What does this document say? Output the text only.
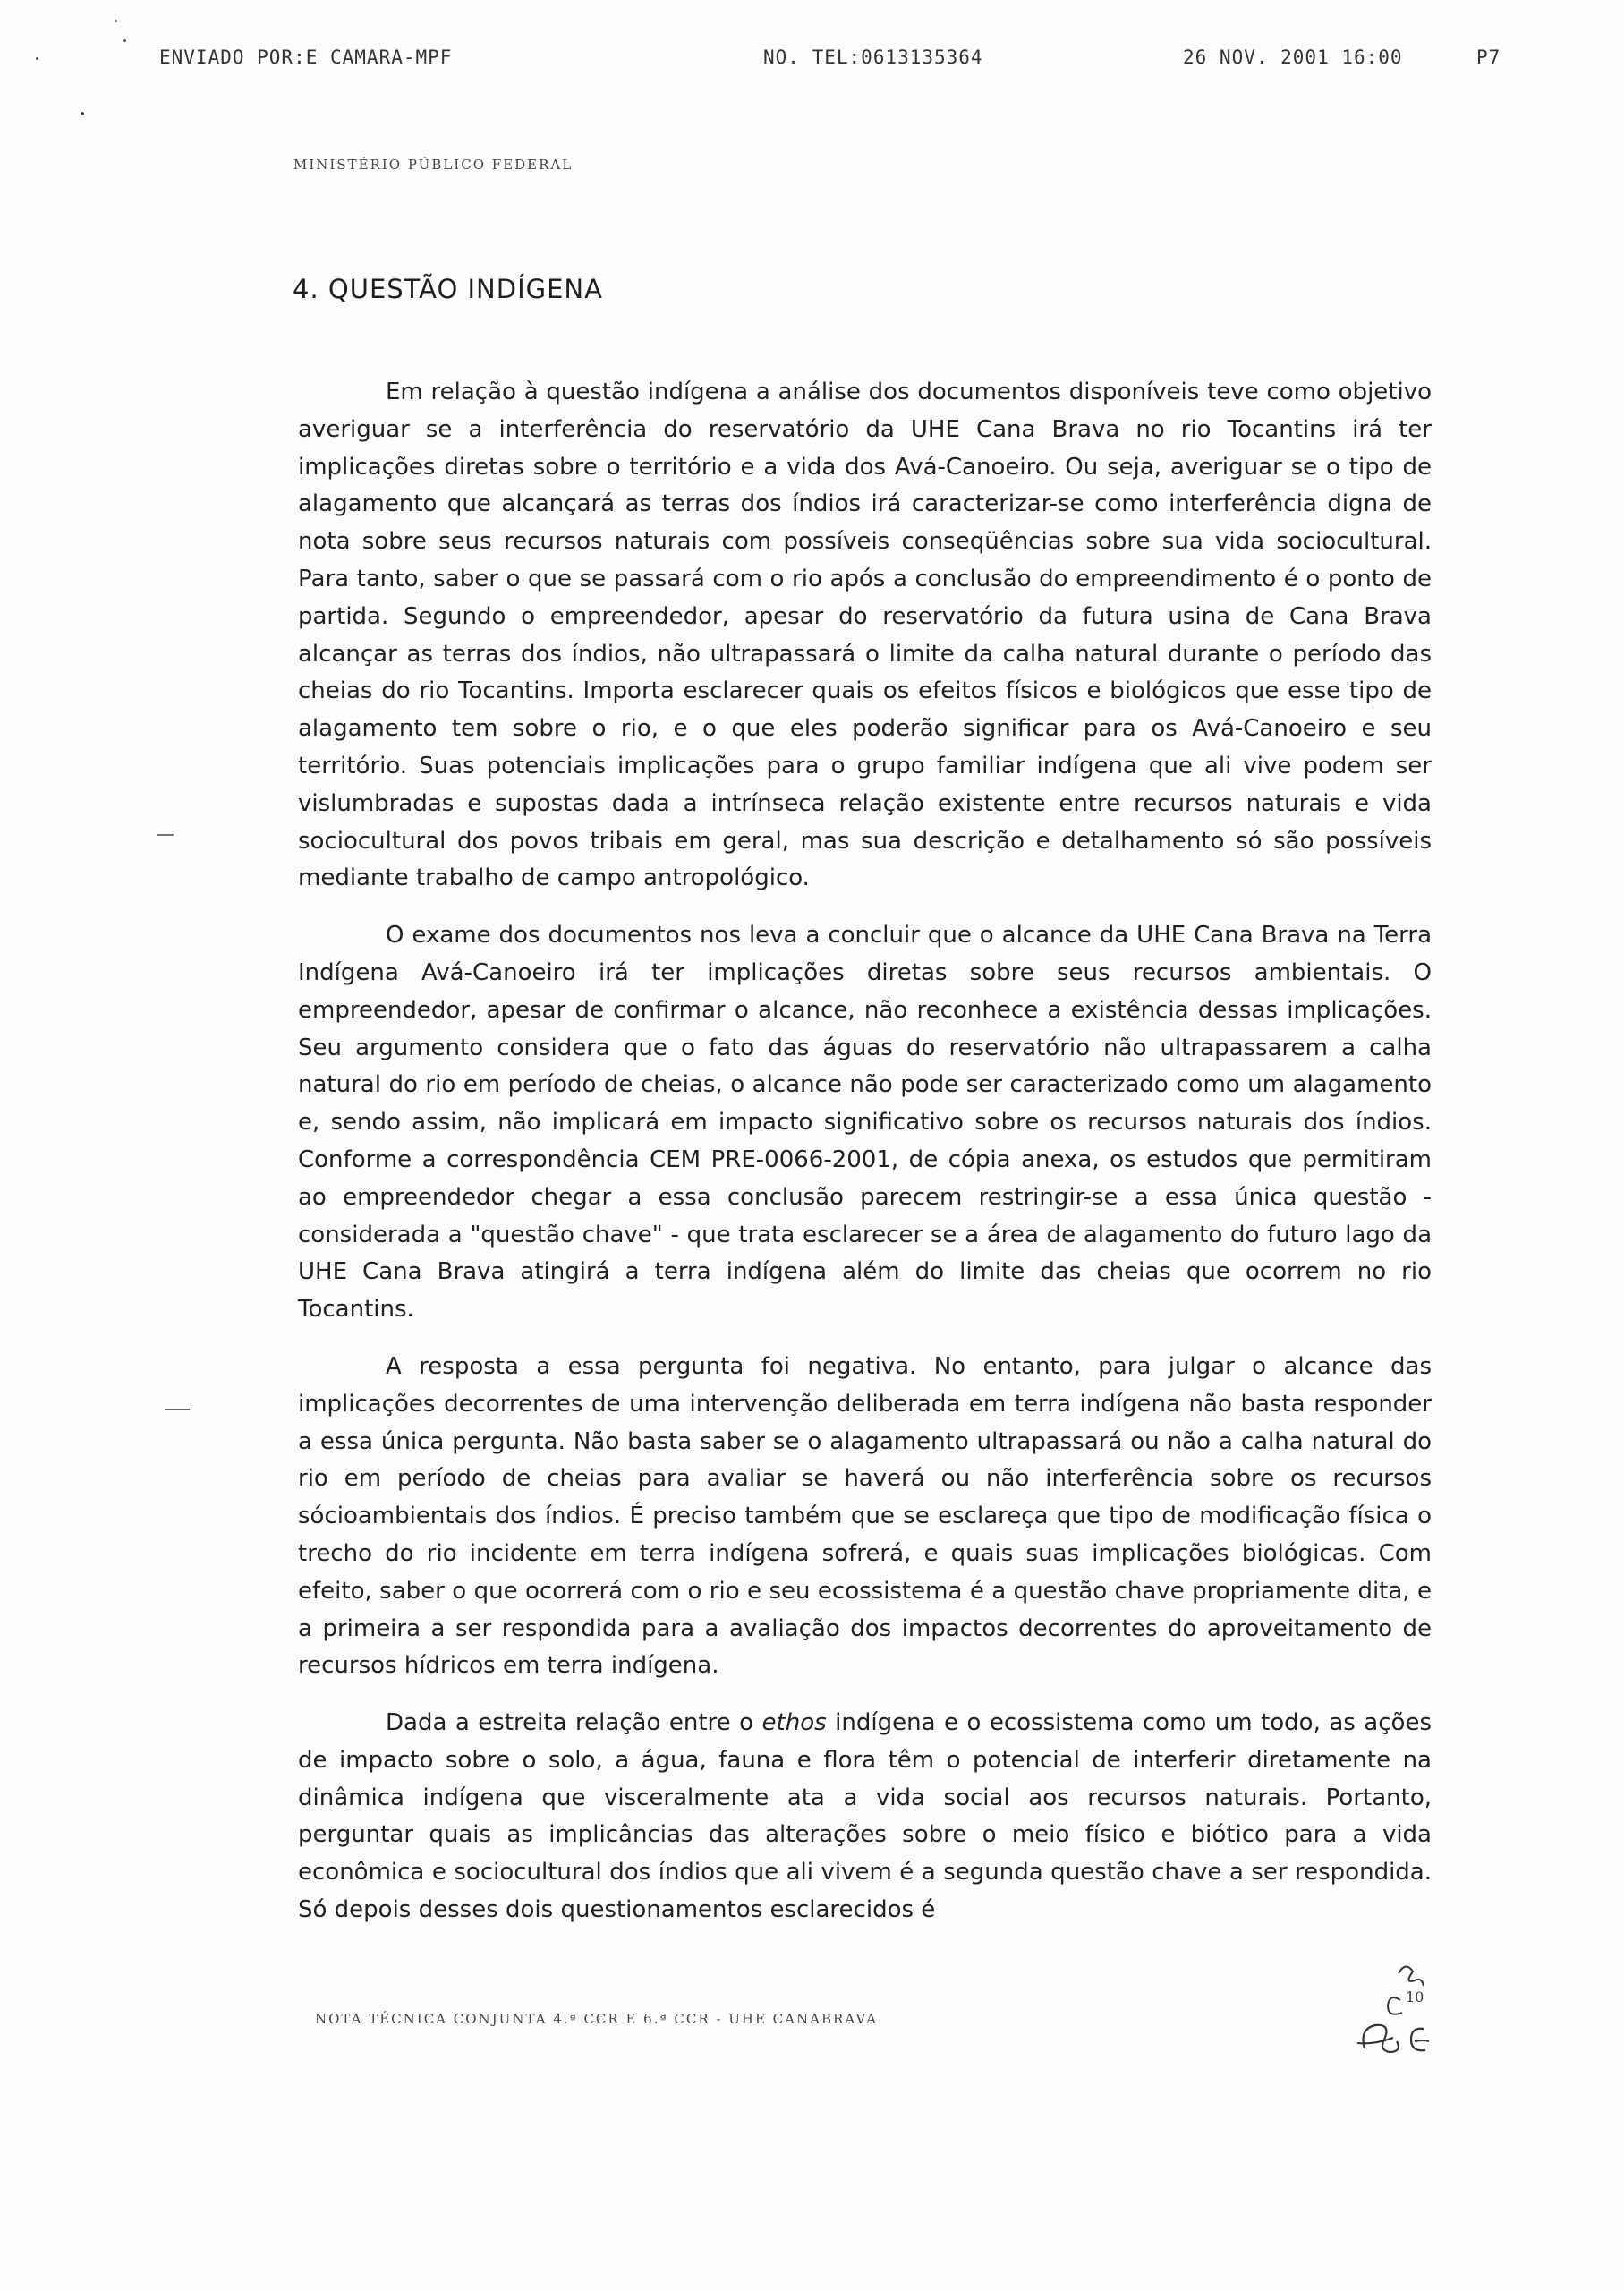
ENVIADO POR:E CAMARA-MPF	NO. TEL:0613135364	26 NOV. 2001 16:00	P7
MINISTÉRIO PÚBLICO FEDERAL
4. QUESTÃO INDÍGENA

Em relação à questão indígena a análise dos documentos disponíveis teve como objetivo averiguar se a interferência do reservatório da UHE Cana Brava no rio Tocantins irá ter implicações diretas sobre o território e a vida dos Avá-Canoeiro. Ou seja, averiguar se o tipo de alagamento que alcançará as terras dos índios irá caracterizar-se como interferência digna de nota sobre seus recursos naturais com possíveis conseqüências sobre sua vida sociocultural. Para tanto, saber o que se passará com o rio após a conclusão do empreendimento é o ponto de partida. Segundo o empreendedor, apesar do reservatório da futura usina de Cana Brava alcançar as terras dos índios, não ultrapassará o limite da calha natural durante o período das cheias do rio Tocantins. Importa esclarecer quais os efeitos físicos e biológicos que esse tipo de alagamento tem sobre o rio, e o que eles poderão significar para os Avá-Canoeiro e seu território. Suas potenciais implicações para o grupo familiar indígena que ali vive podem ser vislumbradas e supostas dada a intrínseca relação existente entre recursos naturais e vida sociocultural dos povos tribais em geral, mas sua descrição e detalhamento só são possíveis mediante trabalho de campo antropológico.

O exame dos documentos nos leva a concluir que o alcance da UHE Cana Brava na Terra Indígena Avá-Canoeiro irá ter implicações diretas sobre seus recursos ambientais. O empreendedor, apesar de confirmar o alcance, não reconhece a existência dessas implicações. Seu argumento considera que o fato das águas do reservatório não ultrapassarem a calha natural do rio em período de cheias, o alcance não pode ser caracterizado como um alagamento e, sendo assim, não implicará em impacto significativo sobre os recursos naturais dos índios. Conforme a correspondência CEM PRE-0066-2001, de cópia anexa, os estudos que permitiram ao empreendedor chegar a essa conclusão parecem restringir-se a essa única questão - considerada a "questão chave" - que trata esclarecer se a área de alagamento do futuro lago da UHE Cana Brava atingirá a terra indígena além do limite das cheias que ocorrem no rio Tocantins.

A resposta a essa pergunta foi negativa. No entanto, para julgar o alcance das implicações decorrentes de uma intervenção deliberada em terra indígena não basta responder a essa única pergunta. Não basta saber se o alagamento ultrapassará ou não a calha natural do rio em período de cheias para avaliar se haverá ou não interferência sobre os recursos sócioambientais dos índios. É preciso também que se esclareça que tipo de modificação física o trecho do rio incidente em terra indígena sofrerá, e quais suas implicações biológicas. Com efeito, saber o que ocorrerá com o rio e seu ecossistema é a questão chave propriamente dita, e a primeira a ser respondida para a avaliação dos impactos decorrentes do aproveitamento de recursos hídricos em terra indígena.

Dada a estreita relação entre o ethos indígena e o ecossistema como um todo, as ações de impacto sobre o solo, a água, fauna e flora têm o potencial de interferir diretamente na dinâmica indígena que visceralmente ata a vida social aos recursos naturais. Portanto, perguntar quais as implicâncias das alterações sobre o meio físico e biótico para a vida econômica e sociocultural dos índios que ali vivem é a segunda questão chave a ser respondida. Só depois desses dois questionamentos esclarecidos é

NOTA TÉCNICA CONJUNTA 4.ª CCR E 6.ª CCR - UHE CANABRAVA
10
